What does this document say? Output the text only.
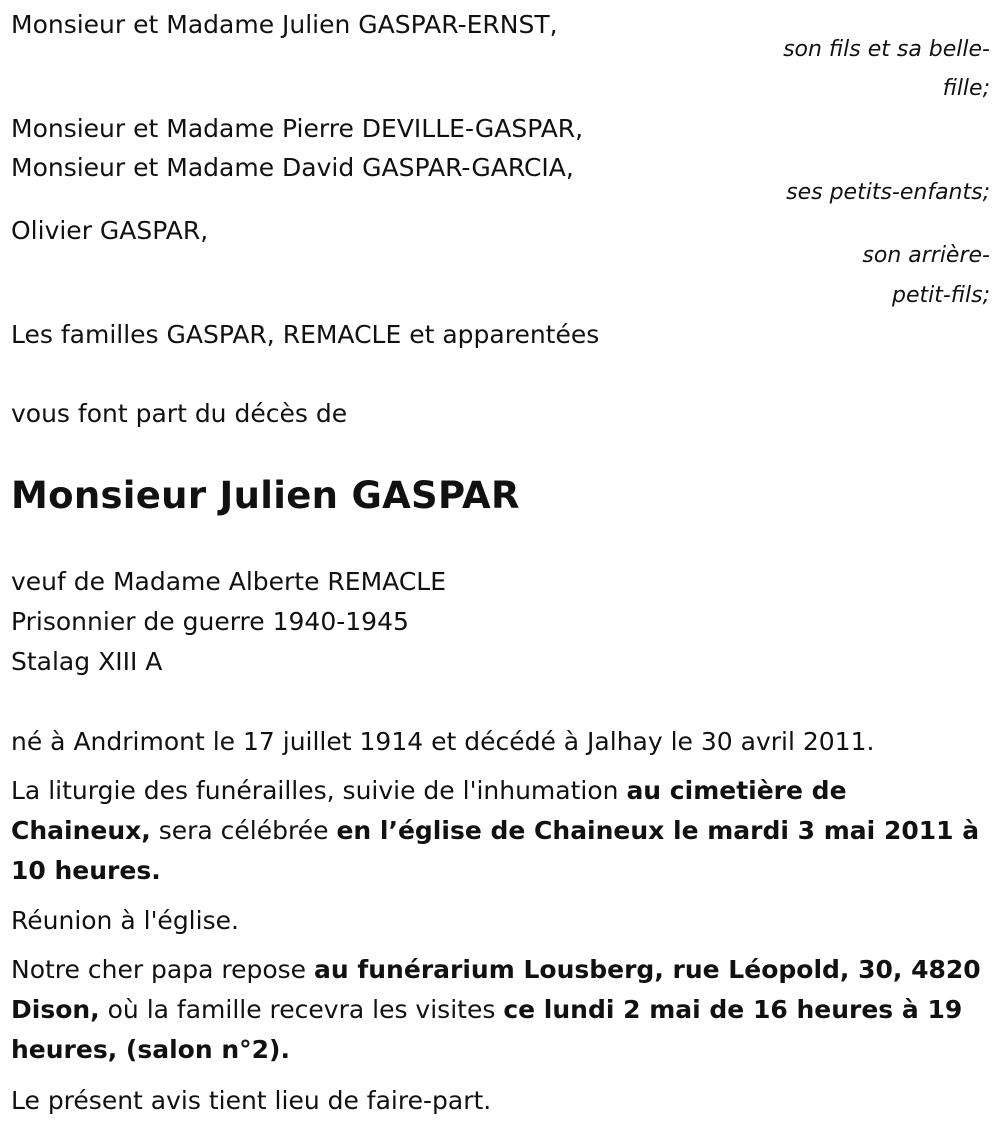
Monsieur et Madame Julien GASPAR-ERNST,
son fils et sa belle-
fille;
Monsieur et Madame Pierre DEVILLE-GASPAR,
Monsieur et Madame David GASPAR-GARCIA,
ses petits-enfants;
Olivier GASPAR,
son arrière-
petit-fils;
Les familles GASPAR, REMACLE et apparentées
vous font part du décès de
Monsieur Julien GASPAR
veuf de Madame Alberte REMACLE
Prisonnier de guerre 1940-1945
Stalag XIII A
né à Andrimont le 17 juillet 1914 et décédé à Jalhay le 30 avril 2011.
La liturgie des funérailles, suivie de l'inhumation au cimetière de Chaineux, sera célébrée en l’église de Chaineux le mardi 3 mai 2011 à 10 heures.
Réunion à l'église.
Notre cher papa repose au funérarium Lousberg, rue Léopold, 30, 4820 Dison, où la famille recevra les visites ce lundi 2 mai de 16 heures à 19 heures, (salon n°2).
Le présent avis tient lieu de faire-part.
